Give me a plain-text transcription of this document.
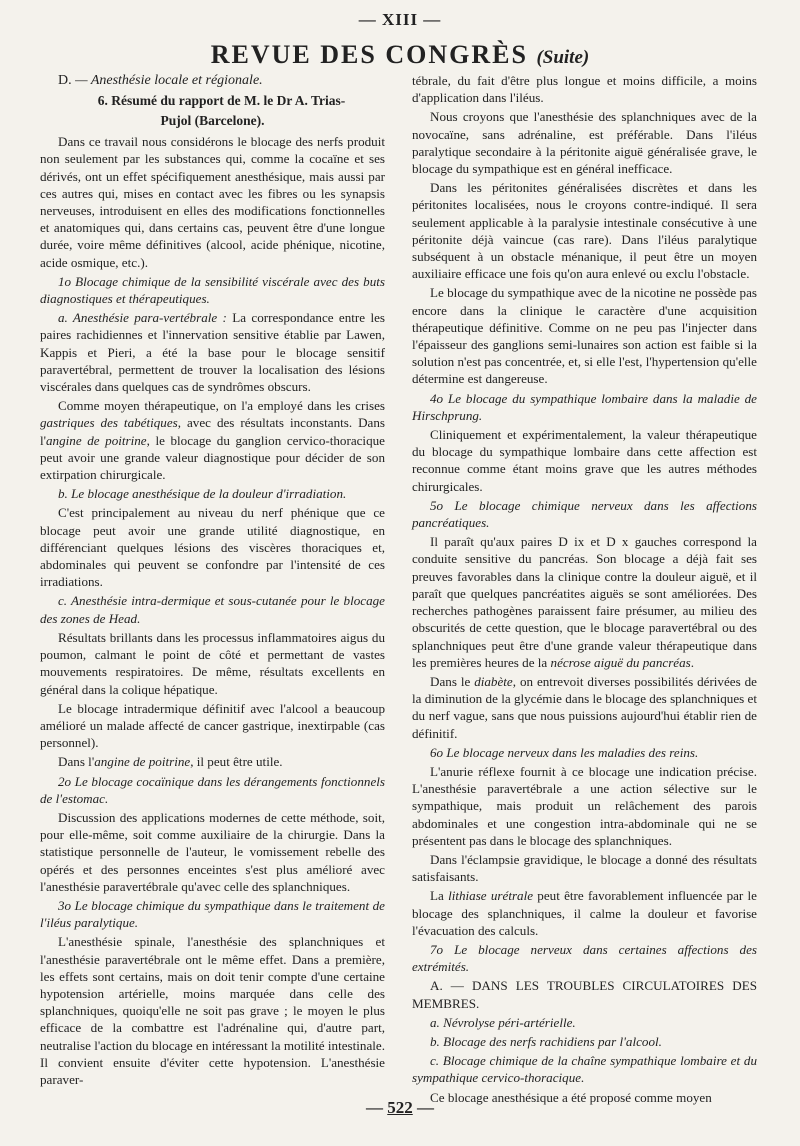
— XIII —
REVUE DES CONGRÈS (Suite)

D. — Anesthésie locale et régionale.

6. Résumé du rapport de M. le Dr A. Trias-
Pujol (Barcelone).

Dans ce travail nous considérons le blocage des nerfs produit non seulement par les substances qui, comme la cocaïne et ses dérivés, ont un effet spécifiquement anesthésique, mais aussi par ces autres qui, mises en contact avec les fibres ou les synapsis nerveuses, introduisent en elles des modifications fonctionnelles et anatomiques qui, dans certains cas, peuvent être d'une longue durée, voire même définitives (alcool, acide phénique, nicotine, acide osmique, etc.).

1o Blocage chimique de la sensibilité viscérale avec des buts diagnostiques et thérapeutiques.

a. Anesthésie para-vertébrale : La correspondance entre les paires rachidiennes et l'innervation sensitive établie par Lawen, Kappis et Pieri, a été la base pour le blocage sensitif paravertébral, permettent de trouver la localisation des lésions viscérales dans quelques cas de syndrômes obscurs.

Comme moyen thérapeutique, on l'a employé dans les crises gastriques des tabétiques, avec des résultats inconstants. Dans l'angine de poitrine, le blocage du ganglion cervico-thoracique peut avoir une grande valeur diagnostique pour décider de son extirpation chirurgicale.

b. Le blocage anesthésique de la douleur d'irradiation.

C'est principalement au niveau du nerf phénique que ce blocage peut avoir une grande utilité diagnostique, en différenciant quelques lésions des viscères thoraciques et, abdominales qui peuvent se confondre par l'intensité de ces irradiations.

c. Anesthésie intra-dermique et sous-cutanée pour le blocage des zones de Head.

Résultats brillants dans les processus inflammatoires aigus du poumon, calmant le point de côté et permettant de vastes mouvements respiratoires. De même, résultats excellents en général dans la colique hépatique.

Le blocage intradermique définitif avec l'alcool a beaucoup amélioré un malade affecté de cancer gastrique, inextirpable (cas personnel).

Dans l'angine de poitrine, il peut être utile.

2o Le blocage cocaïnique dans les dérangements fonctionnels de l'estomac.

Discussion des applications modernes de cette méthode, soit, pour elle-même, soit comme auxiliaire de la chirurgie. Dans la statistique personnelle de l'auteur, le vomissement rebelle des opérés et des personnes enceintes s'est plus amélioré avec l'anesthésie paravertébrale qu'avec celle des splanchniques.

3o Le blocage chimique du sympathique dans le traitement de l'iléus paralytique.

L'anesthésie spinale, l'anesthésie des splanchniques et l'anesthésie paravertébrale ont le même effet. Dans a première, les effets sont certains, mais on doit tenir compte d'une certaine hypotension artérielle, moins marquée dans celle des splanchniques, quoiqu'elle ne soit pas grave ; le moyen le plus efficace de la combattre est l'adrénaline qui, d'autre part, neutralise l'action du blocage en intéressant la motilité intestinale. Il convient ensuite d'éviter cette hypotension. L'anesthésie paraver-

tébrale, du fait d'être plus longue et moins difficile, a moins d'application dans l'iléus.

Nous croyons que l'anesthésie des splanchniques avec de la novocaïne, sans adrénaline, est préférable. Dans l'iléus paralytique secondaire à la péritonite aiguë généralisée grave, le blocage du sympathique est en général inefficace.

Dans les péritonites généralisées discrètes et dans les péritonites localisées, nous le croyons contre-indiqué. Il sera seulement applicable à la paralysie intestinale consécutive à une péritonite déjà vaincue (cas rare). Dans l'iléus paralytique subséquent à un obstacle ménanique, il peut être un moyen auxiliaire efficace une fois qu'on aura enlevé ou exclu l'obstacle.

Le blocage du sympathique avec de la nicotine ne possède pas encore dans la clinique le caractère d'une acquisition thérapeutique définitive. Comme on ne peu pas l'injecter dans l'épaisseur des ganglions semi-lunaires son action est faible si la solution n'est pas concentrée, et, si elle l'est, l'hypertension qu'elle détermine est dangereuse.

4o Le blocage du sympathique lombaire dans la maladie de Hirschprung.

Cliniquement et expérimentalement, la valeur thérapeutique du blocage du sympathique lombaire dans cette affection est reconnue comme étant moins grave que les autres méthodes chirurgicales.

5o Le blocage chimique nerveux dans les affections pancréatiques.

Il paraît qu'aux paires D ix et D x gauches correspond la conduite sensitive du pancréas. Son blocage a déjà fait ses preuves favorables dans la clinique contre la douleur aiguë, et il paraît que quelques pancréatites aiguës se sont améliorées. Des recherches pathogènes paraissent faire présumer, au milieu des obscurités de cette question, que le blocage paravertébral ou des splanchniques peut être d'une grande valeur thérapeutique dans les premières heures de la nécrose aiguë du pancréas.

Dans le diabète, on entrevoit diverses possibilités dérivées de la diminution de la glycémie dans le blocage des splanchniques et du nerf vague, sans que nous puissions aujourd'hui établir rien de définitif.

6o Le blocage nerveux dans les maladies des reins.

L'anurie réflexe fournit à ce blocage une indication précise. L'anesthésie paravertébrale a une action sélective sur le sympathique, mais produit un relâchement des parois abdominales et une congestion intra-abdominale qui ne se présentent pas dans le blocage des splanchniques.

Dans l'éclampsie gravidique, le blocage a donné des résultats satisfaisants.

La lithiase urétrale peut être favorablement influencée par le blocage des splanchniques, il calme la douleur et favorise l'évacuation des calculs.

7o Le blocage nerveux dans certaines affections des extrémités.

A. — DANS LES TROUBLES CIRCULATOIRES DES MEMBRES.

a. Névrolyse péri-artérielle.

b. Blocage des nerfs rachidiens par l'alcool.

c. Blocage chimique de la chaîne sympathique lombaire et du sympathique cervico-thoracique.

Ce blocage anesthésique a été proposé comme moyen

— 522 —
